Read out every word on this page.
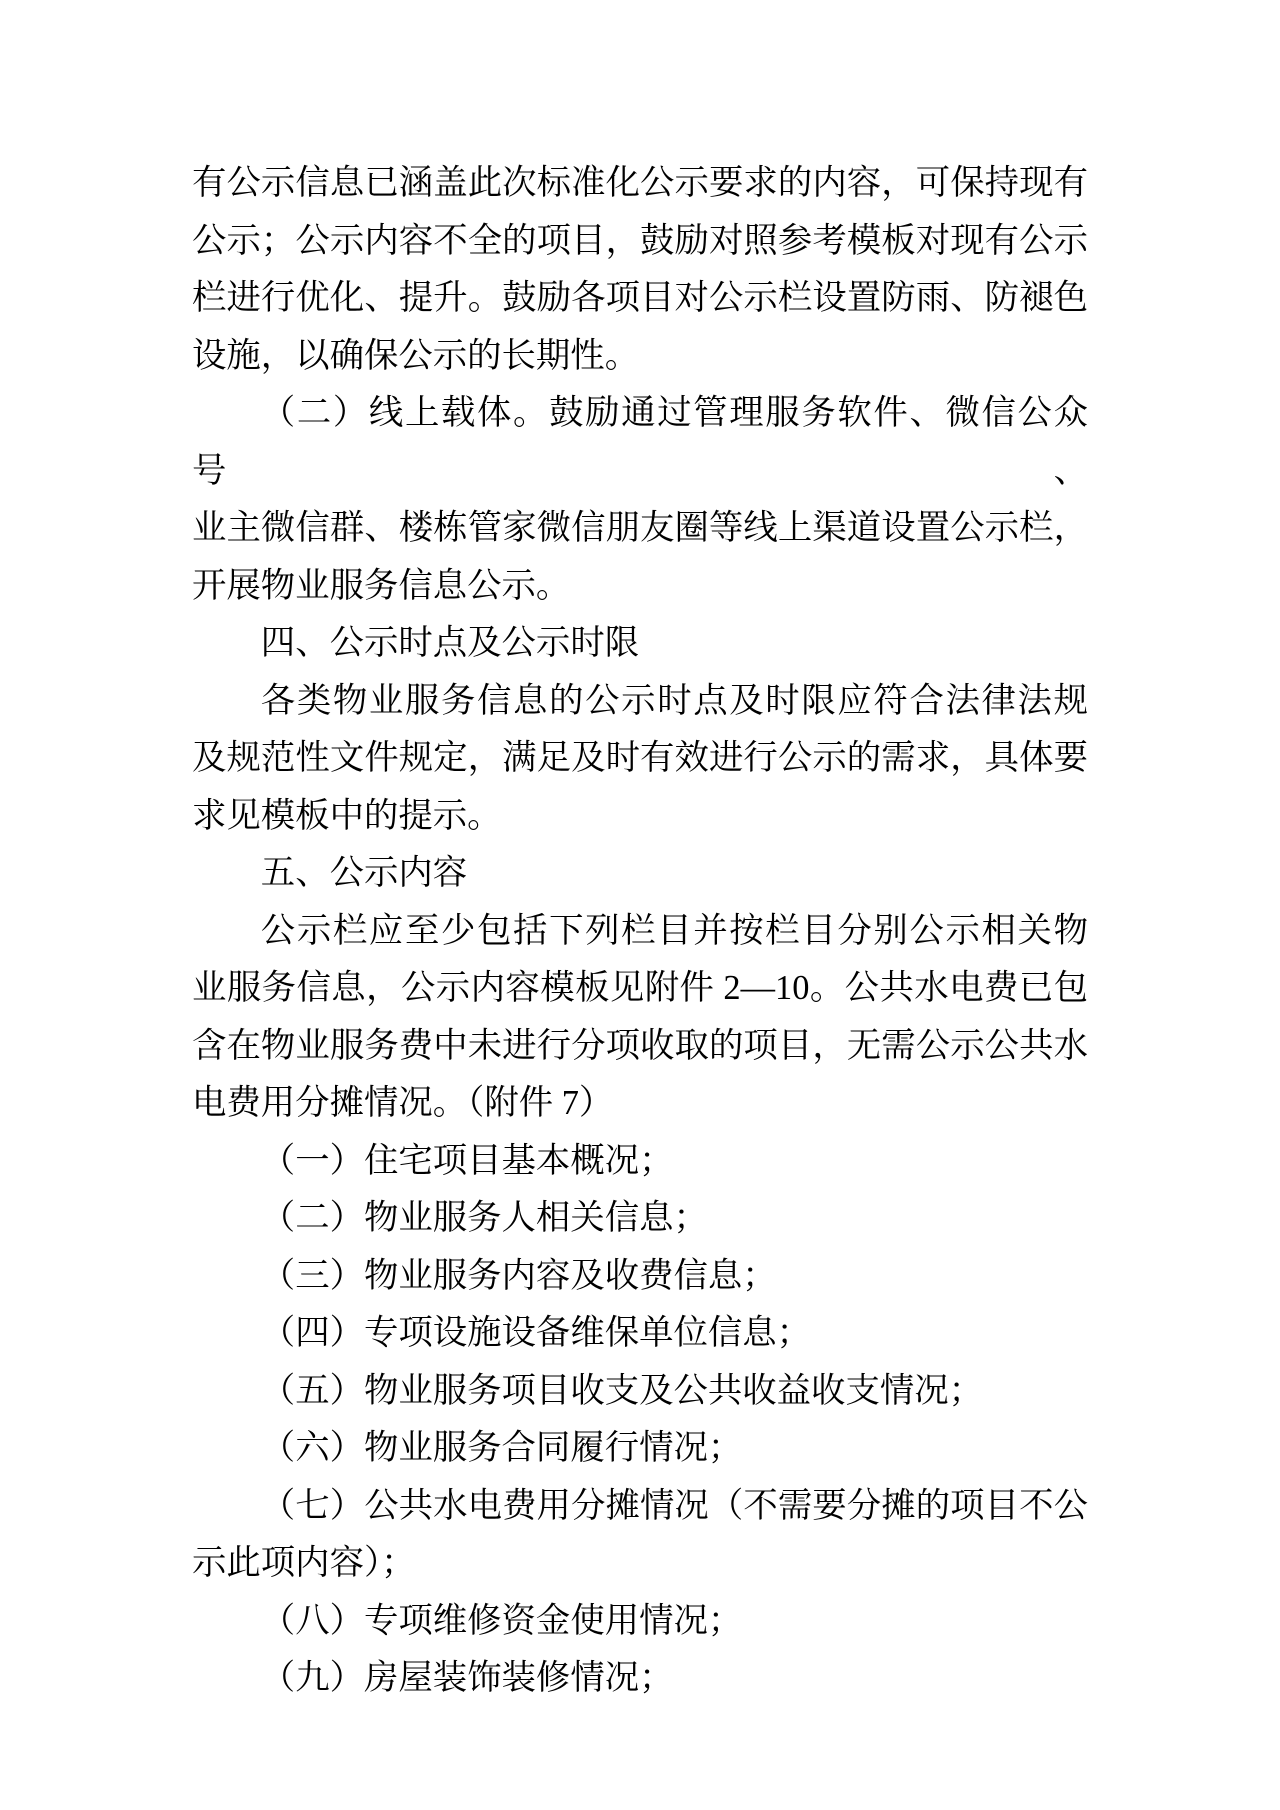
有公示信息已涵盖此次标准化公示要求的内容，可保持现有

公示；公示内容不全的项目，鼓励对照参考模板对现有公示

栏进行优化、提升。鼓励各项目对公示栏设置防雨、防褪色

设施，以确保公示的长期性。

（二）线上载体。鼓励通过管理服务软件、微信公众号、

业主微信群、楼栋管家微信朋友圈等线上渠道设置公示栏，

开展物业服务信息公示。

四、公示时点及公示时限

各类物业服务信息的公示时点及时限应符合法律法规

及规范性文件规定，满足及时有效进行公示的需求，具体要

求见模板中的提示。

五、公示内容

公示栏应至少包括下列栏目并按栏目分别公示相关物

业服务信息，公示内容模板见附件 2—10。公共水电费已包

含在物业服务费中未进行分项收取的项目，无需公示公共水

电费用分摊情况。（附件 7）

（一）住宅项目基本概况；

（二）物业服务人相关信息；

（三）物业服务内容及收费信息；

（四）专项设施设备维保单位信息；

（五）物业服务项目收支及公共收益收支情况；

（六）物业服务合同履行情况；

（七）公共水电费用分摊情况（不需要分摊的项目不公

示此项内容）；

（八）专项维修资金使用情况；

（九）房屋装饰装修情况；
